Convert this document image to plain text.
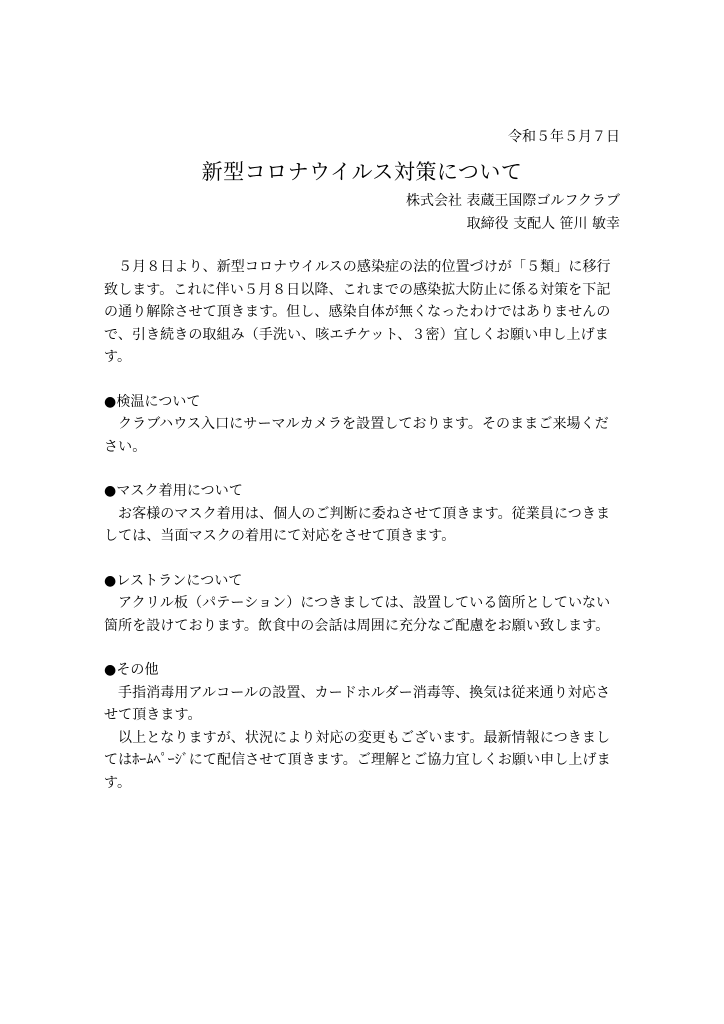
令和５年５月７日
新型コロナウイルス対策について
株式会社 表蔵王国際ゴルフクラブ
取締役 支配人 笹川 敏幸

５月８日より、新型コロナウイルスの感染症の法的位置づけが「５類」に移行致します。これに伴い５月８日以降、これまでの感染拡大防止に係る対策を下記の通り解除させて頂きます。但し、感染自体が無くなったわけではありませんので、引き続きの取組み（手洗い、咳エチケット、３密）宜しくお願い申し上げます。

●検温について

クラブハウス入口にサーマルカメラを設置しております。そのままご来場ください。

●マスク着用について

お客様のマスク着用は、個人のご判断に委ねさせて頂きます。従業員につきましては、当面マスクの着用にて対応をさせて頂きます。

●レストランについて

アクリル板（パテーション）につきましては、設置している箇所としていない箇所を設けております。飲食中の会話は周囲に充分なご配慮をお願い致します。

●その他

手指消毒用アルコールの設置、カードホルダー消毒等、換気は従来通り対応させて頂きます。

以上となりますが、状況により対応の変更もございます。最新情報につきましてはﾎｰﾑﾍﾟｰｼﾞにて配信させて頂きます。ご理解とご協力宜しくお願い申し上げます。
